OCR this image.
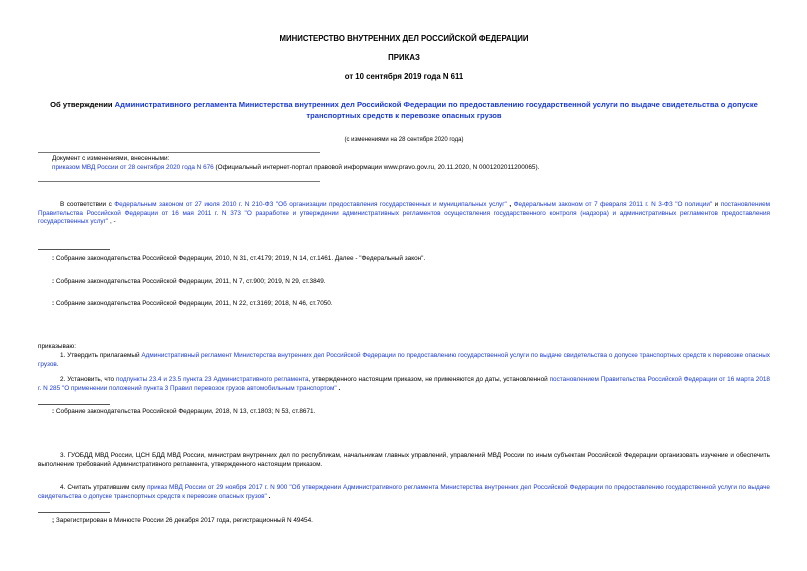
МИНИСТЕРСТВО ВНУТРЕННИХ ДЕЛ РОССИЙСКОЙ ФЕДЕРАЦИИ
ПРИКАЗ
от 10 сентября 2019 года N 611
Об утверждении Административного регламента Министерства внутренних дел Российской Федерации по предоставлению государственной услуги по выдаче свидетельства о допуске транспортных средств к перевозке опасных грузов
(с изменениями на 28 сентября 2020 года)

Документ с изменениями, внесенными:

приказом МВД России от 28 сентября 2020 года N 676 (Официальный интернет-портал правовой информации www.pravo.gov.ru, 20.11.2020, N 0001202011200065).

В соответствии с Федеральным законом от 27 июля 2010 г. N 210-ФЗ "Об организации предоставления государственных и муниципальных услуг" , Федеральным законом от 7 февраля 2011 г. N 3-ФЗ "О полиции" и постановлением Правительства Российской Федерации от 16 мая 2011 г. N 373 "О разработке и утверждении административных регламентов осуществления государственного контроля (надзора) и административных регламентов предоставления государственных услуг" , -
: Собрание законодательства Российской Федерации, 2010, N 31, ст.4179; 2019, N 14, ст.1461. Далее - "Федеральный закон".
: Собрание законодательства Российской Федерации, 2011, N 7, ст.900; 2019, N 29, ст.3849.
: Собрание законодательства Российской Федерации, 2011, N 22, ст.3169; 2018, N 46, ст.7050.
приказываю:
1. Утвердить прилагаемый Административный регламент Министерства внутренних дел Российской Федерации по предоставлению государственной услуги по выдаче свидетельства о допуске транспортных средств к перевозке опасных грузов.
2. Установить, что подпункты 23.4 и 23.5 пункта 23 Административного регламента, утвержденного настоящим приказом, не применяются до даты, установленной постановлением Правительства Российской Федерации от 16 марта 2018 г. N 285 "О применении положений пункта 3 Правил перевозок грузов автомобильным транспортом" .
: Собрание законодательства Российской Федерации, 2018, N 13, ст.1803; N 53, ст.8671.
3. ГУОБДД МВД России, ЦСН БДД МВД России, министрам внутренних дел по республикам, начальникам главных управлений, управлений МВД России по иным субъектам Российской Федерации организовать изучение и обеспечить выполнение требований Административного регламента, утвержденного настоящим приказом.
4. Считать утратившим силу приказ МВД России от 29 ноября 2017 г. N 900 "Об утверждении Административного регламента Министерства внутренних дел Российской Федерации по предоставлению государственной услуги по выдаче свидетельства о допуске транспортных средств к перевозке опасных грузов" .
; Зарегистрирован в Минюсте России 26 декабря 2017 года, регистрационный N 49454.
